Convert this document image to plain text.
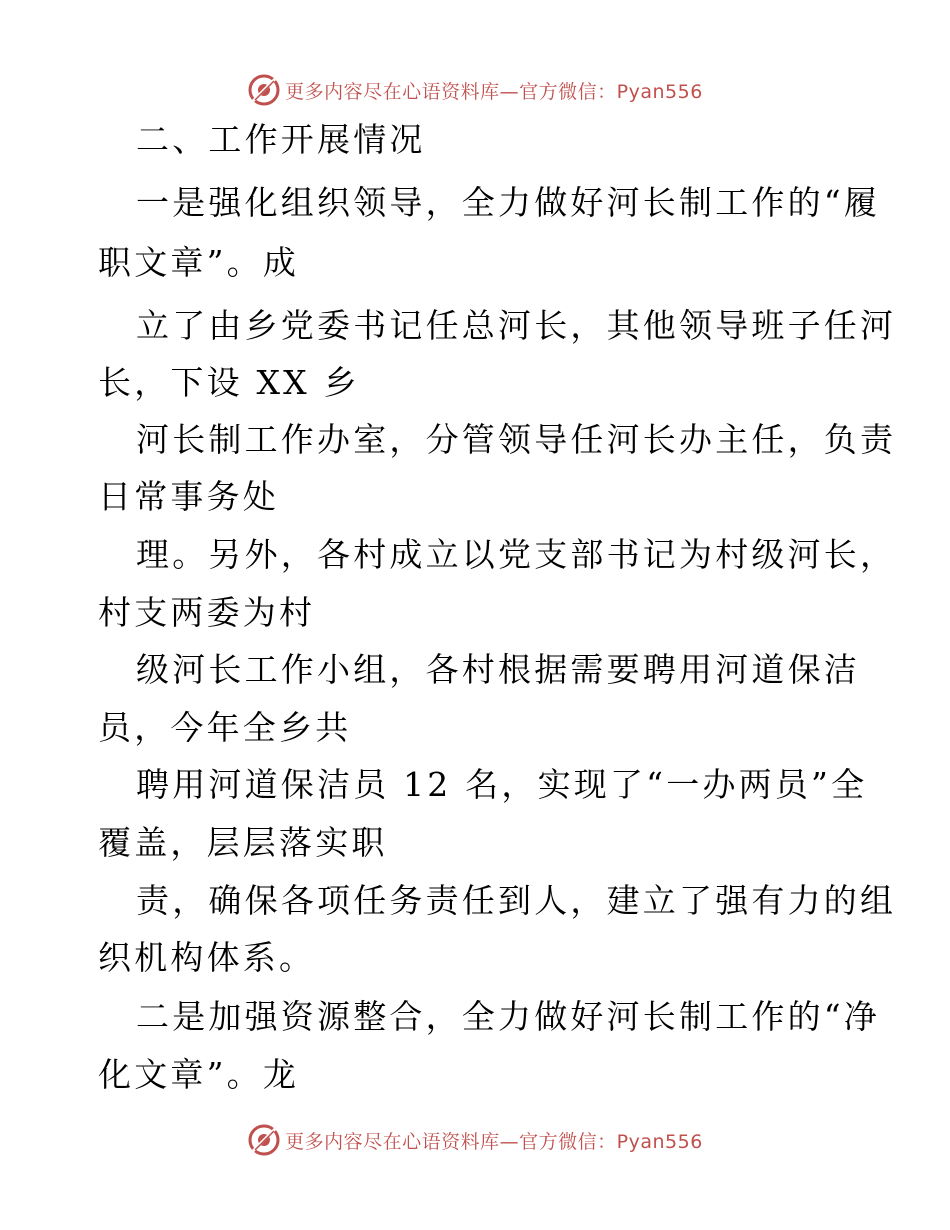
更多内容尽在心语资料库—官方微信：Pyan556
二、工作开展情况
一是强化组织领导，全力做好河长制工作的“履
职文章”。成
立了由乡党委书记任总河长，其他领导班子任河
长，下设 XX 乡
河长制工作办室，分管领导任河长办主任，负责
日常事务处
理。另外，各村成立以党支部书记为村级河长，
村支两委为村
级河长工作小组，各村根据需要聘用河道保洁
员，今年全乡共
聘用河道保洁员 12 名，实现了“一办两员”全
覆盖，层层落实职
责，确保各项任务责任到人，建立了强有力的组
织机构体系。
二是加强资源整合，全力做好河长制工作的“净
化文章”。龙
更多内容尽在心语资料库—官方微信：Pyan556
